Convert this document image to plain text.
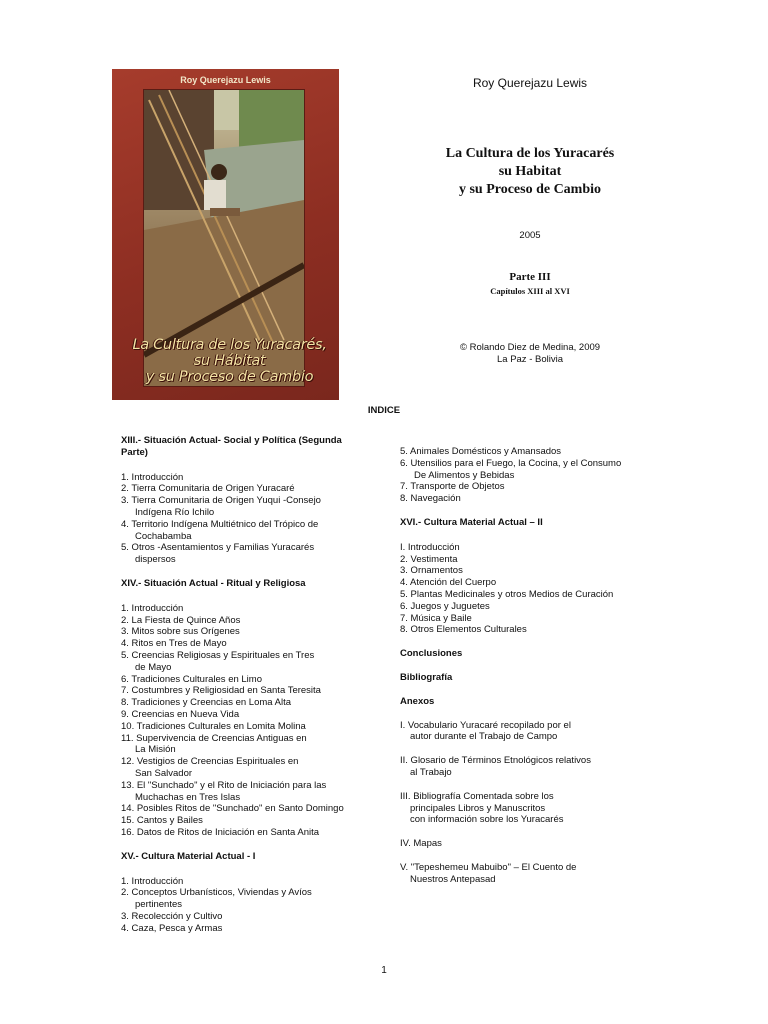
Roy Querejazu Lewis
La Cultura de los Yuracarés,
su Hábitat
y su Proceso de Cambio
Roy Querejazu Lewis
La Cultura de los Yuracarés
su Habitat
y su Proceso de Cambio
2005
Parte III
Capítulos XIII al XVI
© Rolando Diez de Medina, 2009
La Paz - Bolivia
INDICE
XIII.- Situación Actual- Social y Política (Segunda Parte)
1. Introducción
2. Tierra Comunitaria de Origen Yuracaré
3. Tierra Comunitaria de Origen Yuqui -Consejo
Indígena Río Ichilo
4. Territorio Indígena Multiétnico del Trópico de
Cochabamba
5. Otros -Asentamientos y Familias Yuracarés
dispersos
XIV.- Situación Actual - Ritual y Religiosa
1. Introducción
2. La Fiesta de Quince Años
3. Mitos sobre sus Orígenes
4. Ritos en Tres de Mayo
5. Creencias Religiosas y Espirituales en Tres
de Mayo
6. Tradiciones Culturales en Limo
7. Costumbres y Religiosidad en Santa Teresita
8. Tradiciones y Creencias en Loma Alta
9. Creencias en Nueva Vida
10. Tradiciones Culturales en Lomita Molina
11. Supervivencia de Creencias Antiguas en
La Misión
12. Vestigios de Creencias Espirituales en
San Salvador
13. El "Sunchado" y el Rito de Iniciación para las
Muchachas en Tres Islas
14. Posibles Ritos de "Sunchado" en Santo Domingo
15. Cantos y Bailes
16. Datos de Ritos de Iniciación en Santa Anita
XV.- Cultura Material Actual - I
1. Introducción
2. Conceptos Urbanísticos, Viviendas y Avíos
pertinentes
3. Recolección y Cultivo
4. Caza, Pesca y Armas
5. Animales Domésticos y Amansados
6. Utensilios para el Fuego, la Cocina, y el Consumo
De Alimentos y Bebidas
7. Transporte de Objetos
8. Navegación
XVI.- Cultura Material Actual – II
I. Introducción
2. Vestimenta
3. Ornamentos
4. Atención del Cuerpo
5. Plantas Medicinales y otros Medios de Curación
6. Juegos y Juguetes
7. Música y Baile
8. Otros Elementos Culturales
Conclusiones
Bibliografía
Anexos
I. Vocabulario Yuracaré recopilado por el
autor durante el Trabajo de Campo
II. Glosario de Términos Etnológicos relativos
al Trabajo
III. Bibliografía Comentada sobre los
principales Libros y Manuscritos
con información sobre los Yuracarés
IV. Mapas
V. "Tepeshemeu Mabuibo" – El Cuento de
Nuestros Antepasad
1
